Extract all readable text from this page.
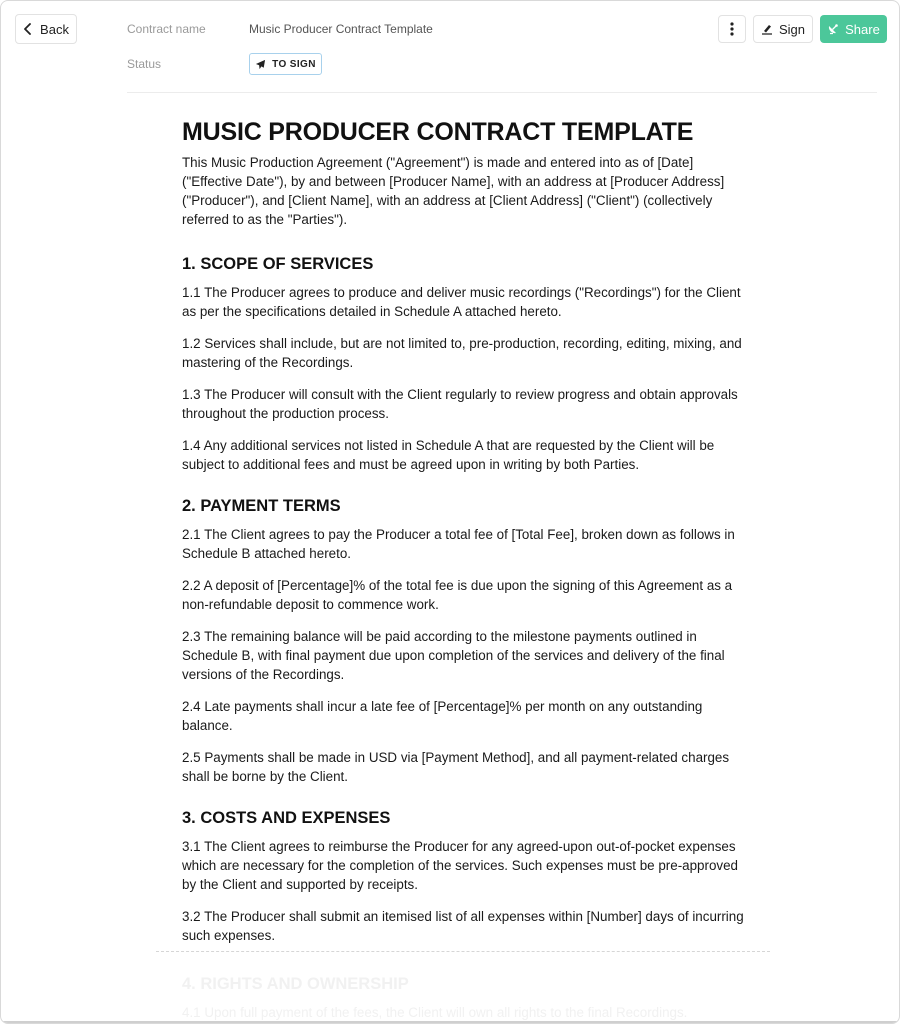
Back	Contract name	Music Producer Contract Template
Status	TO SIGN
Sign	Share
MUSIC PRODUCER CONTRACT TEMPLATE

This Music Production Agreement ("Agreement") is made and entered into as of [Date] ("Effective Date"), by and between [Producer Name], with an address at [Producer Address] ("Producer"), and [Client Name], with an address at [Client Address] ("Client") (collectively referred to as the "Parties").

1. SCOPE OF SERVICES

1.1 The Producer agrees to produce and deliver music recordings ("Recordings") for the Client as per the specifications detailed in Schedule A attached hereto.

1.2 Services shall include, but are not limited to, pre-production, recording, editing, mixing, and mastering of the Recordings.

1.3 The Producer will consult with the Client regularly to review progress and obtain approvals throughout the production process.

1.4 Any additional services not listed in Schedule A that are requested by the Client will be subject to additional fees and must be agreed upon in writing by both Parties.

2. PAYMENT TERMS

2.1 The Client agrees to pay the Producer a total fee of [Total Fee], broken down as follows in Schedule B attached hereto.

2.2 A deposit of [Percentage]% of the total fee is due upon the signing of this Agreement as a non-refundable deposit to commence work.

2.3 The remaining balance will be paid according to the milestone payments outlined in Schedule B, with final payment due upon completion of the services and delivery of the final versions of the Recordings.

2.4 Late payments shall incur a late fee of [Percentage]% per month on any outstanding balance.

2.5 Payments shall be made in USD via [Payment Method], and all payment-related charges shall be borne by the Client.

3. COSTS AND EXPENSES

3.1 The Client agrees to reimburse the Producer for any agreed-upon out-of-pocket expenses which are necessary for the completion of the services. Such expenses must be pre-approved by the Client and supported by receipts.

3.2 The Producer shall submit an itemised list of all expenses within [Number] days of incurring such expenses.

4. RIGHTS AND OWNERSHIP

4.1 Upon full payment of the fees, the Client will own all rights to the final Recordings.
